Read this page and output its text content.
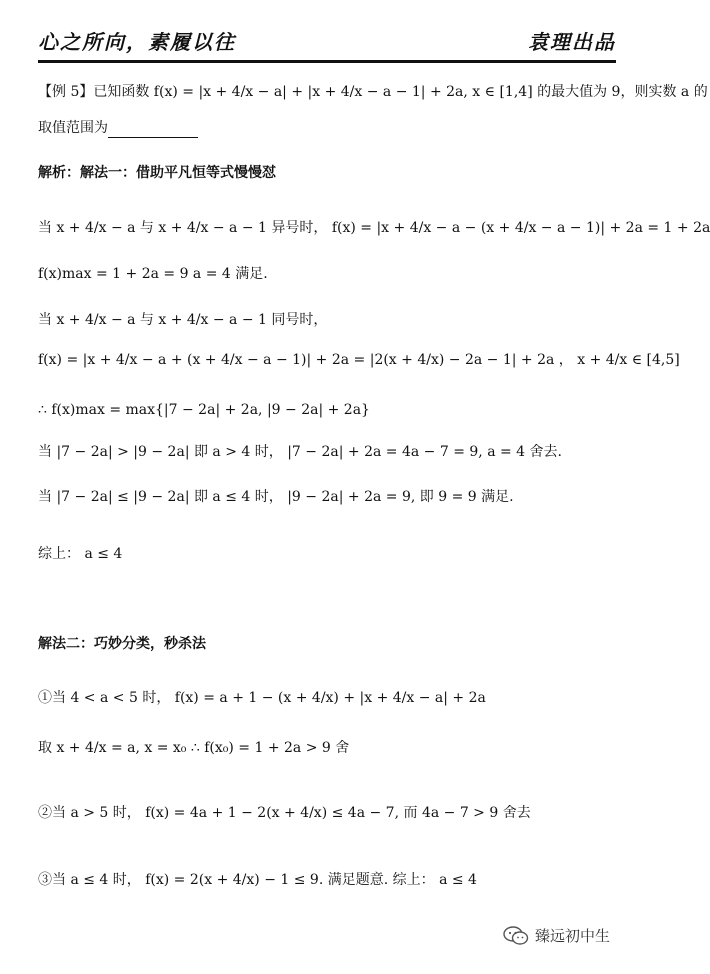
心之所向，素履以往	袁理出品
【例 5】已知函数 f(x) = |x + 4/x − a| + |x + 4/x − a − 1| + 2a, x ∈ [1,4] 的最大值为 9，则实数 a 的
取值范围为
解析：解法一：借助平凡恒等式慢慢怼
当 x + 4/x − a 与 x + 4/x − a − 1 异号时， f(x) = |x + 4/x − a − (x + 4/x − a − 1)| + 2a = 1 + 2a
f(x)max = 1 + 2a = 9 a = 4 满足.
当 x + 4/x − a 与 x + 4/x − a − 1 同号时，
f(x) = |x + 4/x − a + (x + 4/x − a − 1)| + 2a = |2(x + 4/x) − 2a − 1| + 2a ， x + 4/x ∈ [4,5]
∴ f(x)max = max{|7 − 2a| + 2a, |9 − 2a| + 2a}
当 |7 − 2a| > |9 − 2a| 即 a > 4 时， |7 − 2a| + 2a = 4a − 7 = 9, a = 4 舍去.
当 |7 − 2a| ≤ |9 − 2a| 即 a ≤ 4 时， |9 − 2a| + 2a = 9, 即 9 = 9 满足.
综上： a ≤ 4
解法二：巧妙分类，秒杀法
①当 4 < a < 5 时， f(x) = a + 1 − (x + 4/x) + |x + 4/x − a| + 2a
取 x + 4/x = a, x = x₀ ∴ f(x₀) = 1 + 2a > 9 舍
②当 a > 5 时， f(x) = 4a + 1 − 2(x + 4/x) ≤ 4a − 7, 而 4a − 7 > 9 舍去
③当 a ≤ 4 时， f(x) = 2(x + 4/x) − 1 ≤ 9. 满足题意. 综上： a ≤ 4
臻远初中生
